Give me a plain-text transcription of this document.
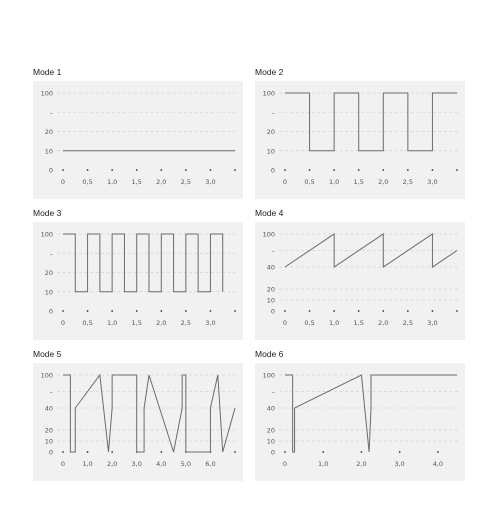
Mode 1
0
10
20
–
100
0	0,5 1,0 1,5 2,0 2,5 3,0
Mode 2
0
10
20
–
100
0	0,5 1,0 1,5 2,0 2,5 3,0
Mode 3
0
10
20
–
100
0	0,5 1,0 1,5 2,0 2,5 3,0
Mode 4
0
10
20
40
–
100
0	0,5 1,0 1,5 2,0 2,5 3,0
Mode 5
0
10
20
40
–
100
0	1,0 2,0 3,0 4,0 5,0 6,0
Mode 6
0
10
20
40
–
100
0	1,0	2,0	3,0	4,0
